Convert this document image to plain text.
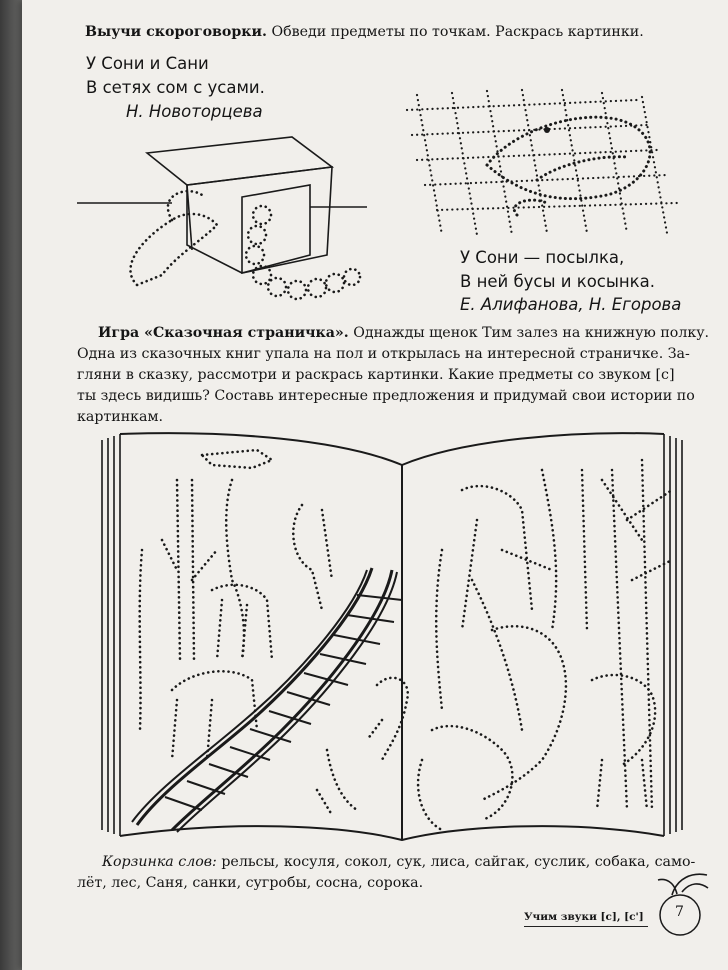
Выучи скороговорки. Обведи предметы по точкам. Раскрась картинки.
У Сони и Сани
В сетях сом с усами.
Н. Новоторцева
У Сони — посылка,
В ней бусы и косынка.
Е. Алифанова, Н. Егорова
Игра «Сказочная страничка». Однажды щенок Тим залез на книжную полку.
Одна из сказочных книг упала на пол и открылась на интересной страничке. За-
гляни в сказку, рассмотри и раскрась картинки. Какие предметы со звуком [с]
ты здесь видишь? Составь интересные предложения и придумай свои истории по
картинкам.
Корзинка слов: рельсы, косуля, сокол, сук, лиса, сайгак, суслик, собака, само-
лёт, лес, Саня, санки, сугробы, сосна, сорока.
Учим звуки [с], [с'] 7
